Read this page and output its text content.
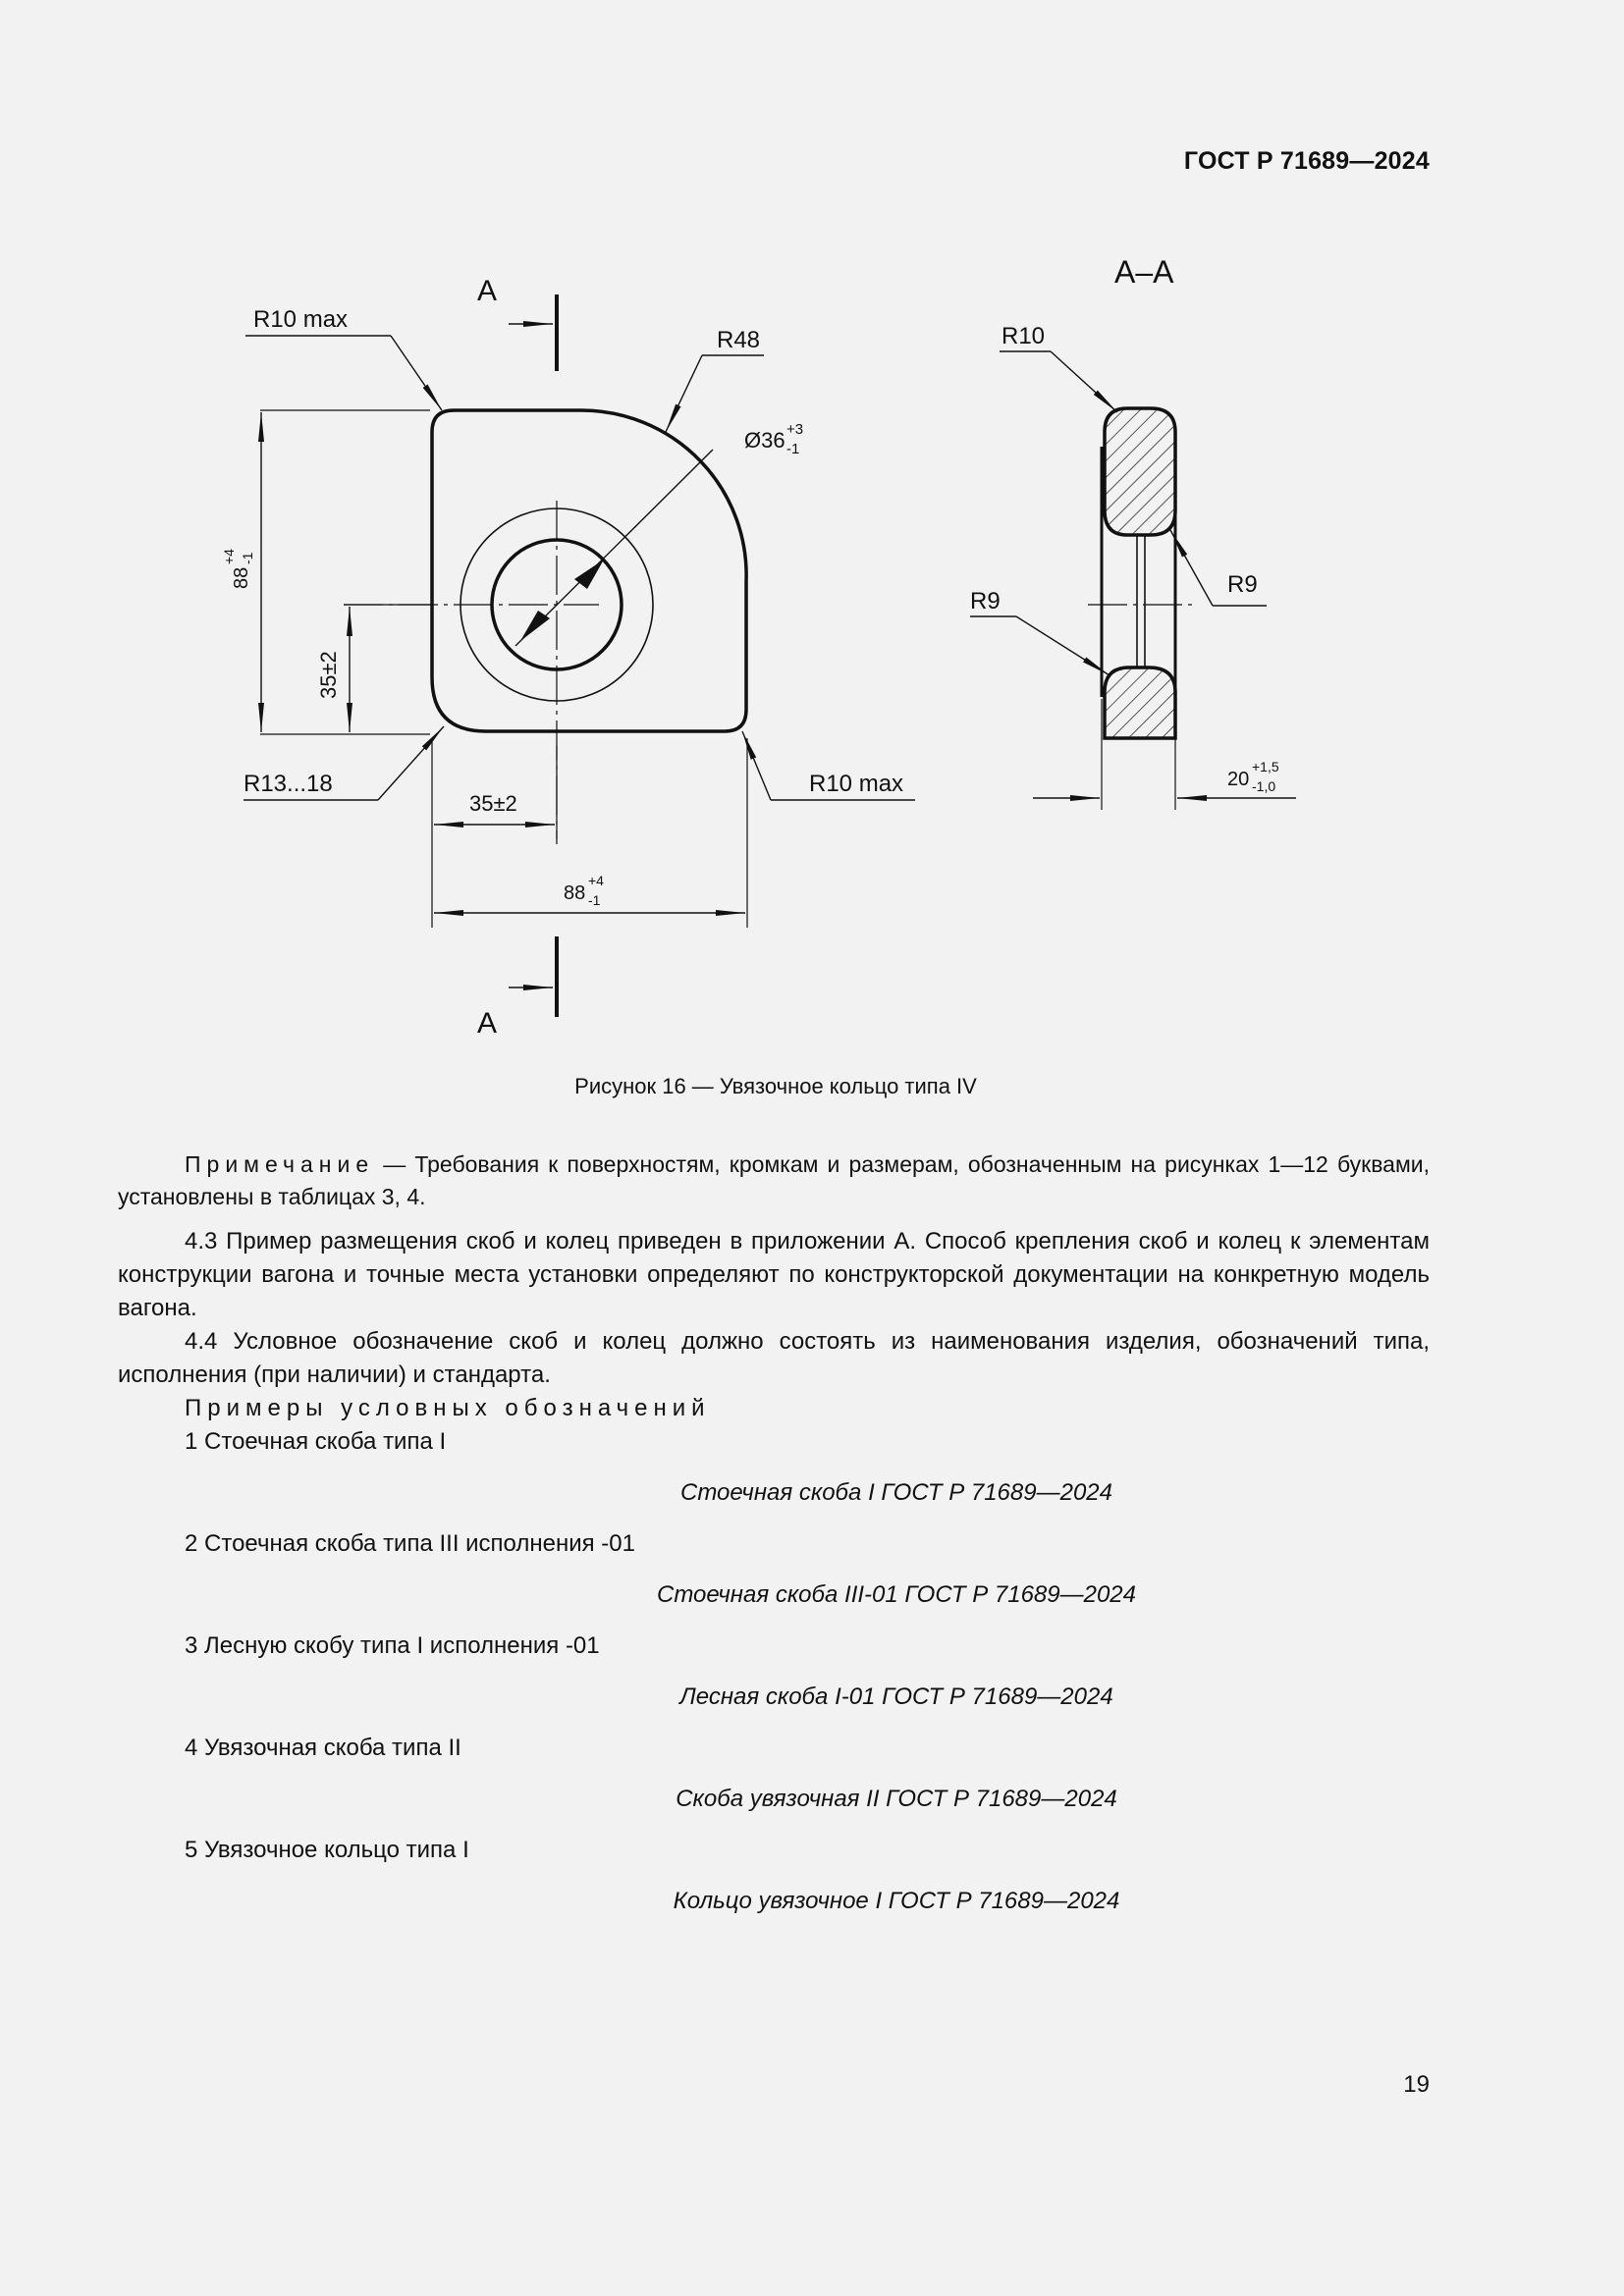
ГОСТ Р 71689—2024
А
А
R10 max
R48
Ø36 +3
-1
88
+4 -1
35±2
R13...18	R10 max
35±2
88
+4
-1
А–А
R10
R9
R9
20
+1,5
-1,0
Рисунок 16 — Увязочное кольцо типа IV

Примечание — Требования к поверхностям, кромкам и размерам, обозначенным на рисунках 1—12 буквами, установлены в таблицах 3, 4.

4.3 Пример размещения скоб и колец приведен в приложении А. Способ крепления скоб и колец к элементам конструкции вагона и точные места установки определяют по конструкторской документации на конкретную модель вагона.

4.4 Условное обозначение скоб и колец должно состоять из наименования изделия, обозначений типа, исполнения (при наличии) и стандарта.

Примеры условных обозначений

1 Стоечная скоба типа I

Стоечная скоба I ГОСТ Р 71689—2024

2 Стоечная скоба типа III исполнения -01

Стоечная скоба III-01 ГОСТ Р 71689—2024

3 Лесную скобу типа I исполнения -01

Лесная скоба I-01 ГОСТ Р 71689—2024

4 Увязочная скоба типа II

Скоба увязочная II ГОСТ Р 71689—2024

5 Увязочное кольцо типа I

Кольцо увязочное I ГОСТ Р 71689—2024

19
